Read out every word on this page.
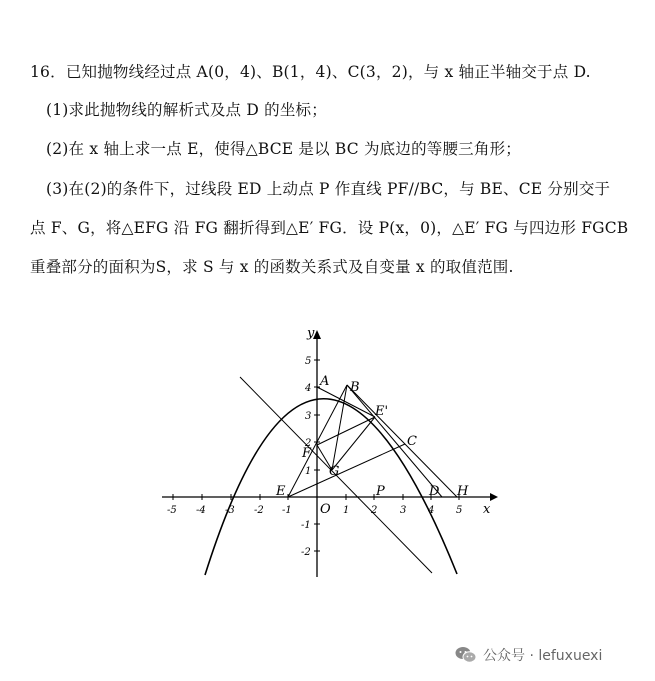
16．已知抛物线经过点 A(0，4)、B(1，4)、C(3，2)，与 x 轴正半轴交于点 D.
(1)求此抛物线的解析式及点 D 的坐标；
(2)在 x 轴上求一点 E，使得△BCE 是以 BC 为底边的等腰三角形；
(3)在(2)的条件下，过线段 ED 上动点 P 作直线 PF//BC，与 BE、CE 分别交于
点 F、G，将△EFG 沿 FG 翻折得到△E′ FG．设 P(x，0)，△E′ FG 与四边形 FGCB
重叠部分的面积为S，求 S 与 x 的函数关系式及自变量 x 的取值范围.
-5 -4 -3 -2 -1	1 2 3 4 5
5
4
3
2
1
-1
-2
x
y
O
A B
C
D
E
E'
F
G
P	H
公众号 · lefuxuexi
